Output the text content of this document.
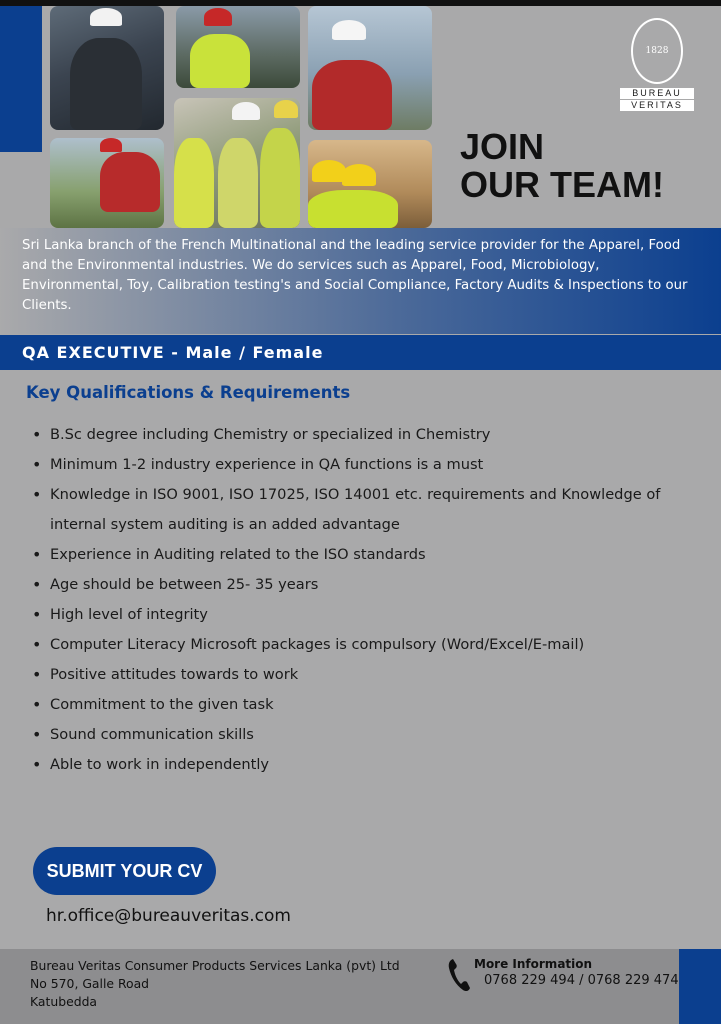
1828
BUREAU
VERITAS
JOIN
OUR TEAM!

Sri Lanka branch of the French Multinational and the leading service provider for the Apparel, Food and the Environmental industries. We do services such as Apparel, Food, Microbiology, Environmental, Toy, Calibration testing's and Social Compliance, Factory Audits & Inspections to our Clients.

QA EXECUTIVE - Male / Female
Key Qualifications & Requirements
• B.Sc degree including Chemistry or specialized in Chemistry
• Minimum 1-2 industry experience in QA functions is a must
• Knowledge in ISO 9001, ISO 17025, ISO 14001 etc. requirements and Knowledge of internal system auditing is an added advantage
• Experience in Auditing related to the ISO standards
• Age should be between 25- 35 years
• High level of integrity
• Computer Literacy Microsoft packages is compulsory (Word/Excel/E-mail)
• Positive attitudes towards to work
• Commitment to the given task
• Sound communication skills
• Able to work in independently
SUBMIT YOUR CV
hr.office@bureauveritas.com
Bureau Veritas Consumer Products Services Lanka (pvt) Ltd
No 570, Galle Road
Katubedda
More Information
0768 229 494 / 0768 229 474
